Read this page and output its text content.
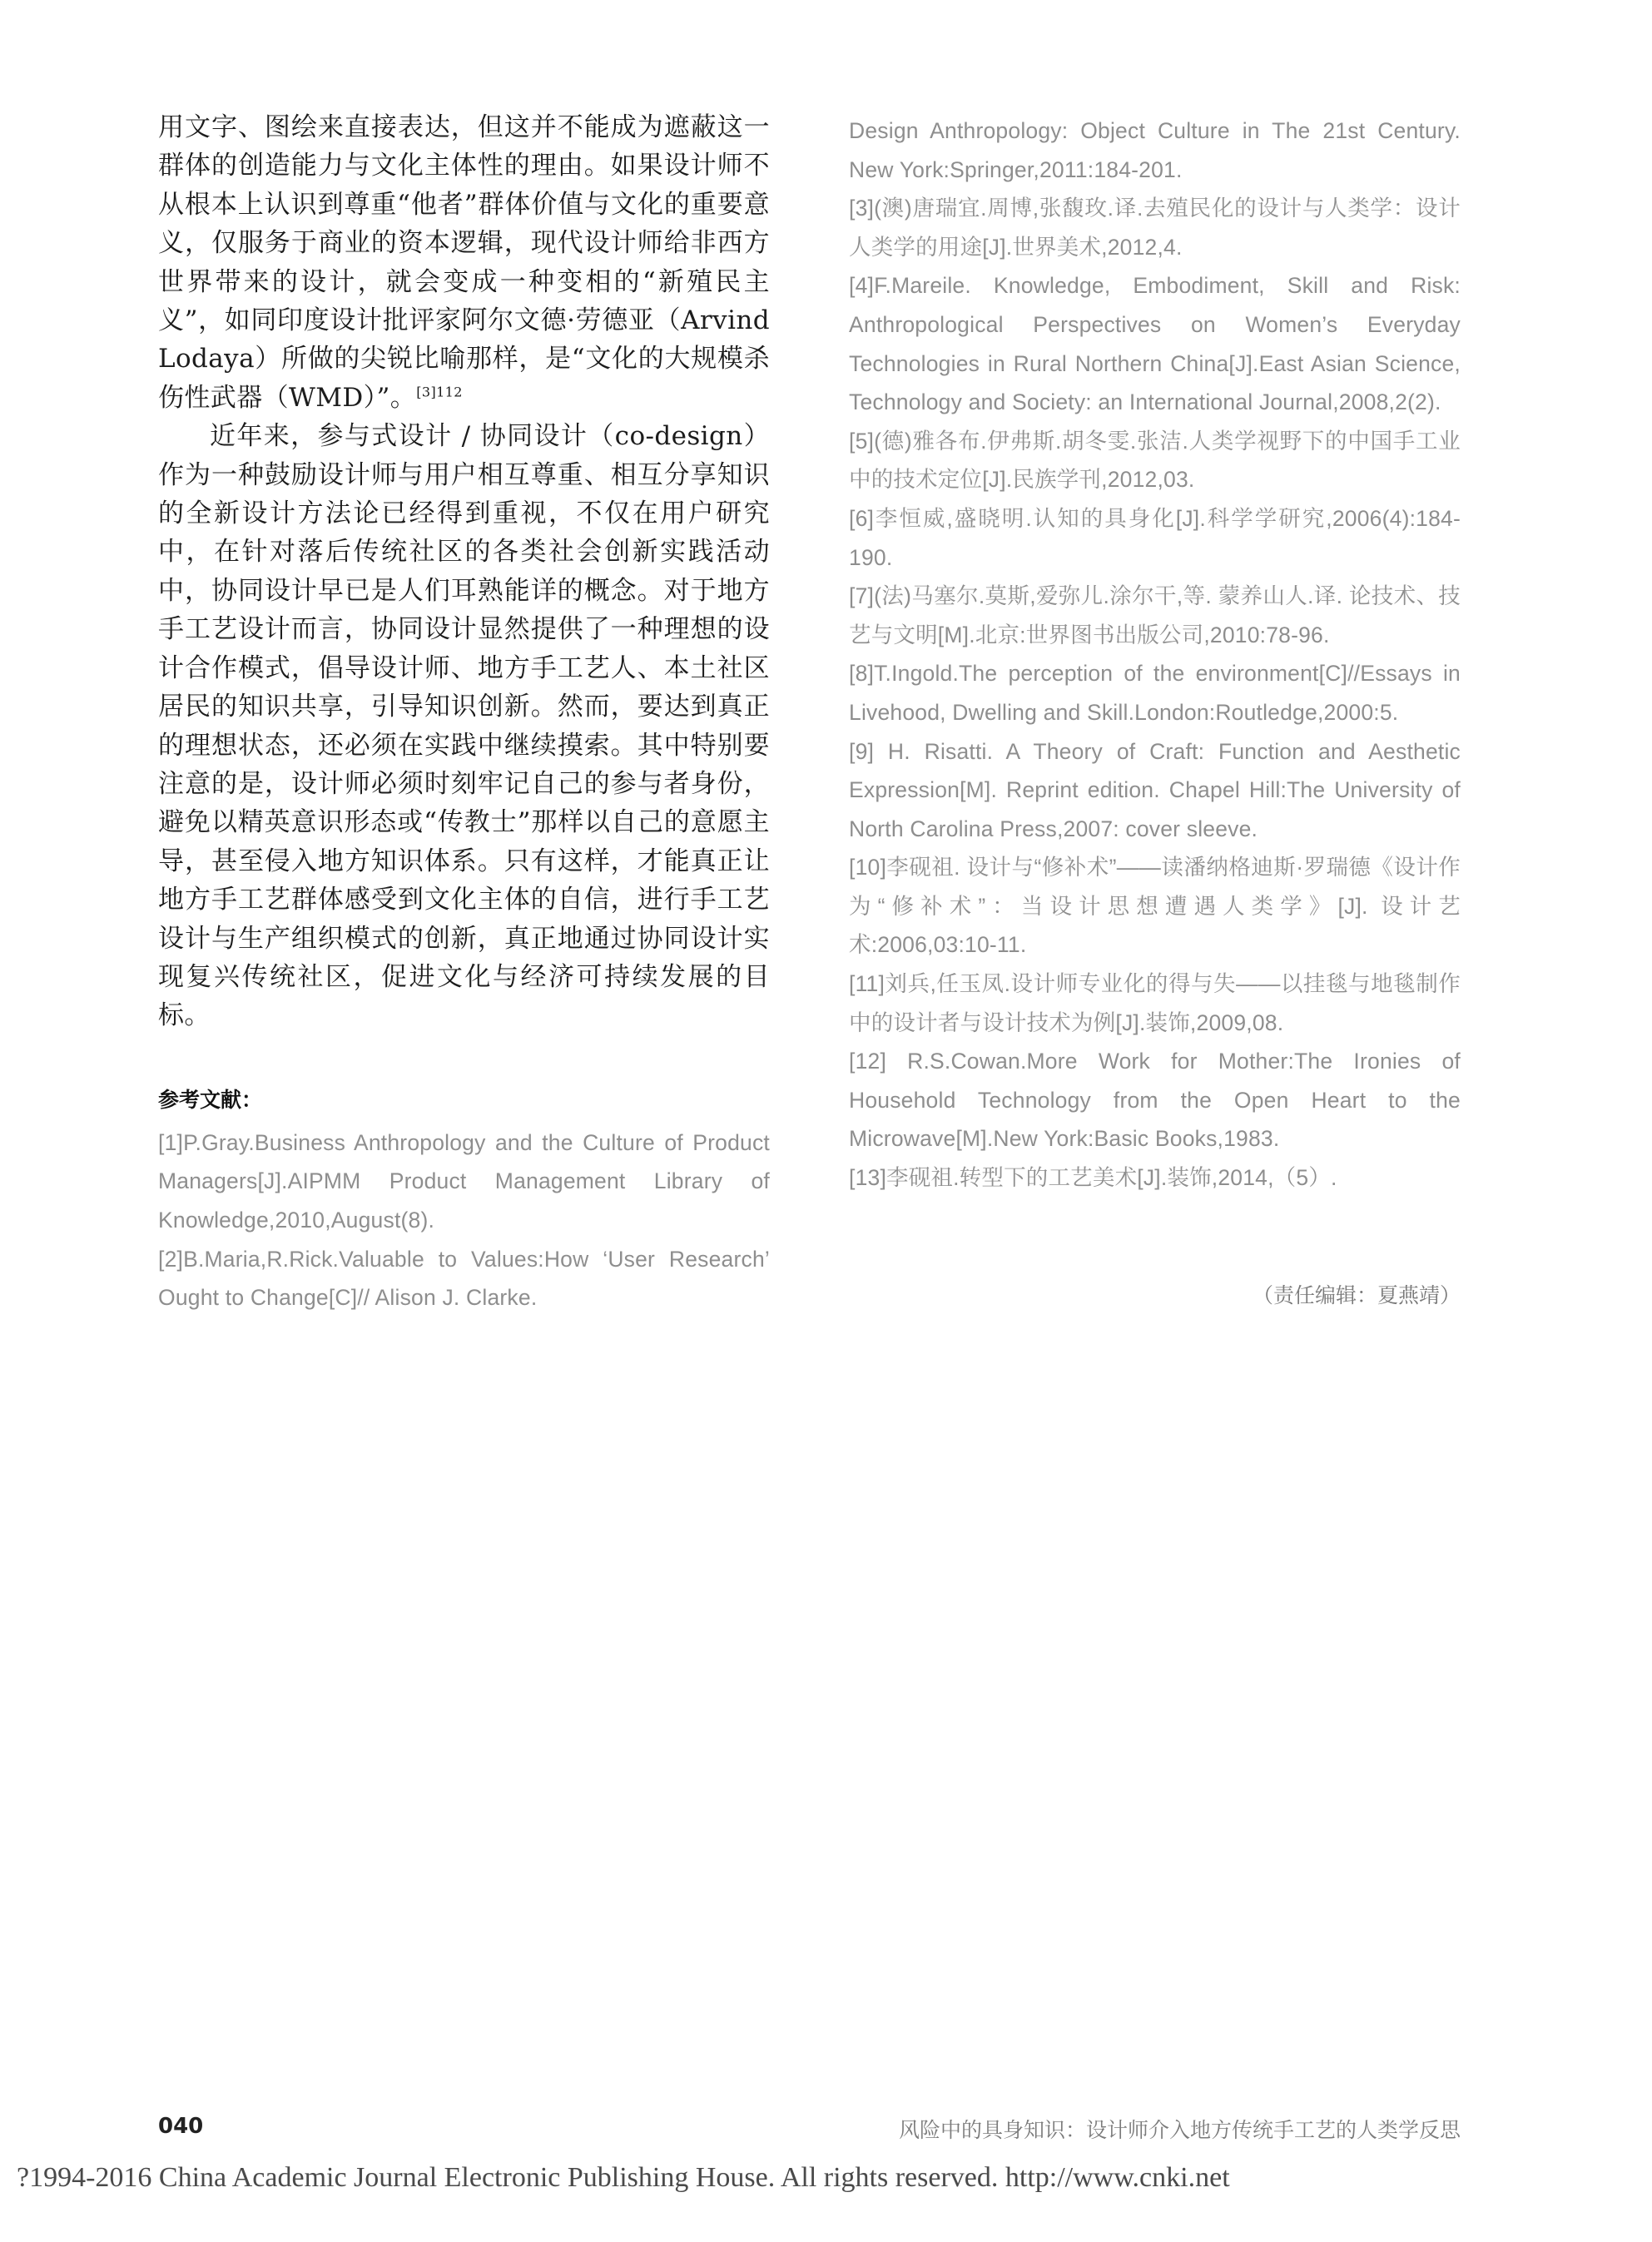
用文字、图绘来直接表达，但这并不能成为遮蔽这一群体的创造能力与文化主体性的理由。如果设计师不从根本上认识到尊重“他者”群体价值与文化的重要意义，仅服务于商业的资本逻辑，现代设计师给非西方世界带来的设计，就会变成一种变相的“新殖民主义”，如同印度设计批评家阿尔文德·劳德亚（Arvind Lodaya）所做的尖锐比喻那样，是“文化的大规模杀伤性武器（WMD）”。$^{[3]112}$

近年来，参与式设计 / 协同设计（co-design）作为一种鼓励设计师与用户相互尊重、相互分享知识的全新设计方法论已经得到重视，不仅在用户研究中，在针对落后传统社区的各类社会创新实践活动中，协同设计早已是人们耳熟能详的概念。对于地方手工艺设计而言，协同设计显然提供了一种理想的设计合作模式，倡导设计师、地方手工艺人、本土社区居民的知识共享，引导知识创新。然而，要达到真正的理想状态，还必须在实践中继续摸索。其中特别要注意的是，设计师必须时刻牢记自己的参与者身份，避免以精英意识形态或“传教士”那样以自己的意愿主导，甚至侵入地方知识体系。只有这样，才能真正让地方手工艺群体感受到文化主体的自信，进行手工艺设计与生产组织模式的创新，真正地通过协同设计实现复兴传统社区，促进文化与经济可持续发展的目标。

参考文献：

[1]P.Gray.Business Anthropology and the Culture of Product Managers[J].AIPMM Product Management Library of Knowledge,2010,August(8).

[2]B.Maria,R.Rick.Valuable to Values:How ‘User Research’ Ought to Change[C]// Alison J. Clarke.

Design Anthropology: Object Culture in The 21st Century. New York:Springer,2011:184-201.

[3](澳)唐瑞宜.周博,张馥玫.译.去殖民化的设计与人类学：设计人类学的用途[J].世界美术,2012,4.

[4]F.Mareile. Knowledge, Embodiment, Skill and Risk: Anthropological Perspectives on Women’s Everyday Technologies in Rural Northern China[J].East Asian Science, Technology and Society: an International Journal,2008,2(2).

[5](德)雅各布.伊弗斯.胡冬雯.张洁.人类学视野下的中国手工业中的技术定位[J].民族学刊,2012,03.

[6]李恒威,盛晓明.认知的具身化[J].科学学研究,2006(4):184-190.

[7](法)马塞尔.莫斯,爱弥儿.涂尔干,等. 蒙养山人.译. 论技术、技艺与文明[M].北京:世界图书出版公司,2010:78-96.

[8]T.Ingold.The perception of the environment[C]//Essays in Livehood, Dwelling and Skill.London:Routledge,2000:5.

[9] H. Risatti. A Theory of Craft: Function and Aesthetic Expression[M]. Reprint edition. Chapel Hill:The University of North Carolina Press,2007: cover sleeve.

[10]李砚祖. 设计与“修补术”——读潘纳格迪斯·罗瑞德《设计作为“修补术”：当设计思想遭遇人类学》[J]. 设计艺术:2006,03:10-11.

[11]刘兵,任玉凤.设计师专业化的得与失——以挂毯与地毯制作中的设计者与设计技术为例[J].装饰,2009,08.

[12] R.S.Cowan.More Work for Mother:The Ironies of Household Technology from the Open Heart to the Microwave[M].New York:Basic Books,1983.

[13]李砚祖.转型下的工艺美术[J].装饰,2014,（5）.

（责任编辑：夏燕靖）
040	风险中的具身知识：设计师介入地方传统手工艺的人类学反思
?1994-2016 China Academic Journal Electronic Publishing House. All rights reserved. http://www.cnki.net
